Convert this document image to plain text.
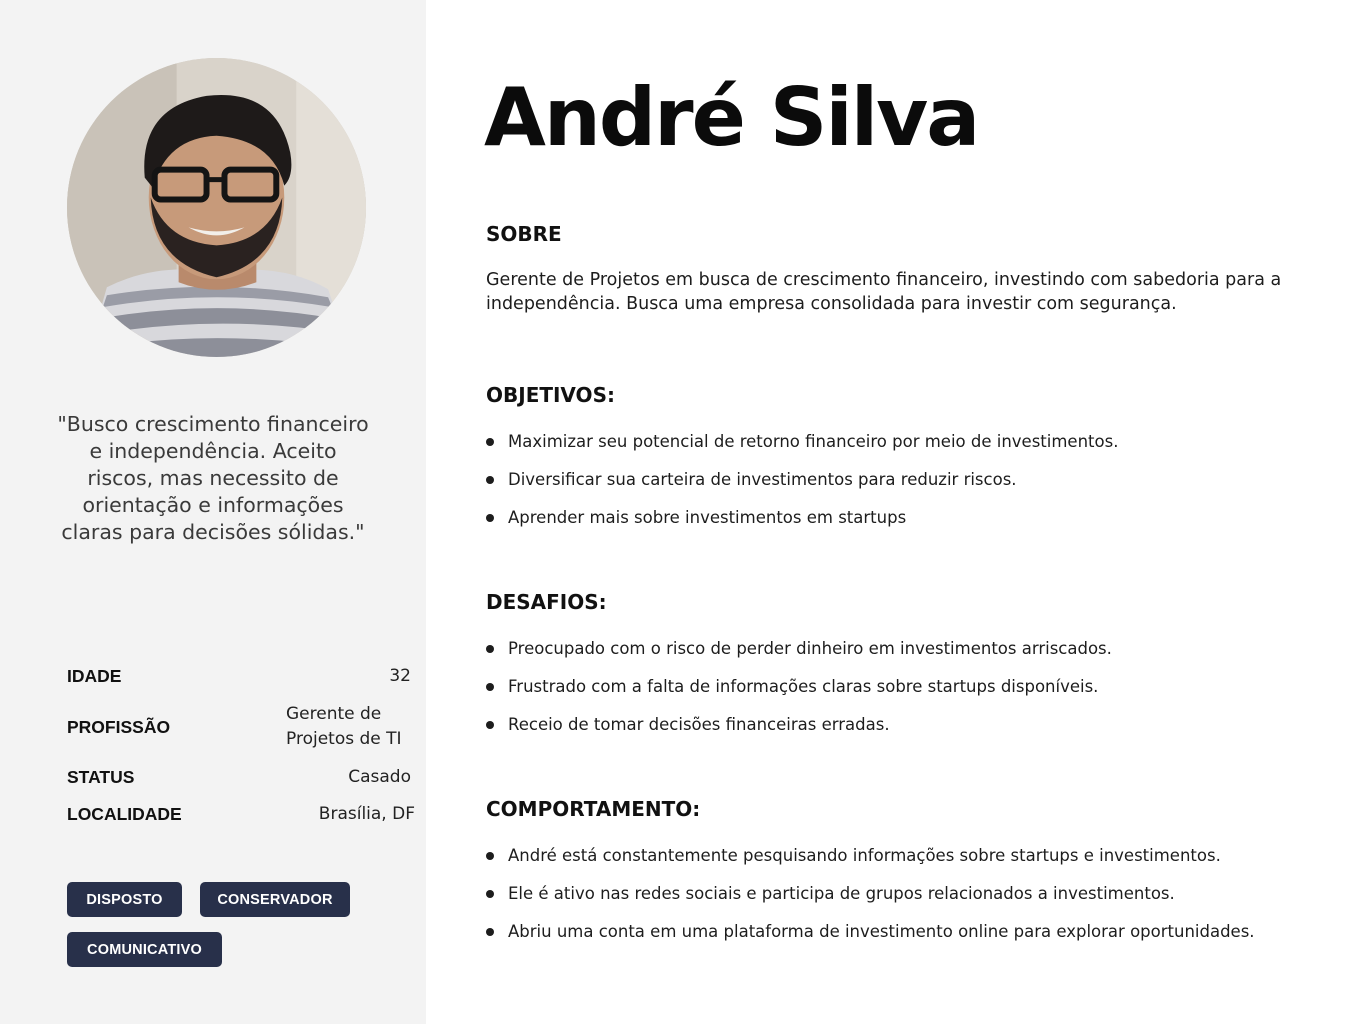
"Busco crescimento financeiro e independência. Aceito riscos, mas necessito de orientação e informações claras para decisões sólidas."
IDADE	32
PROFISSÃO
Gerente de
Projetos de TI
STATUS	Casado
LOCALIDADE	Brasília, DF
DISPOSTO	CONSERVADOR
COMUNICATIVO
André Silva
SOBRE

Gerente de Projetos em busca de crescimento financeiro, investindo com sabedoria para a independência. Busca uma empresa consolidada para investir com segurança.

OBJETIVOS:
Maximizar seu potencial de retorno financeiro por meio de investimentos.
Diversificar sua carteira de investimentos para reduzir riscos.
Aprender mais sobre investimentos em startups
DESAFIOS:
Preocupado com o risco de perder dinheiro em investimentos arriscados.
Frustrado com a falta de informações claras sobre startups disponíveis.
Receio de tomar decisões financeiras erradas.
COMPORTAMENTO:
André está constantemente pesquisando informações sobre startups e investimentos.
Ele é ativo nas redes sociais e participa de grupos relacionados a investimentos.
Abriu uma conta em uma plataforma de investimento online para explorar oportunidades.
